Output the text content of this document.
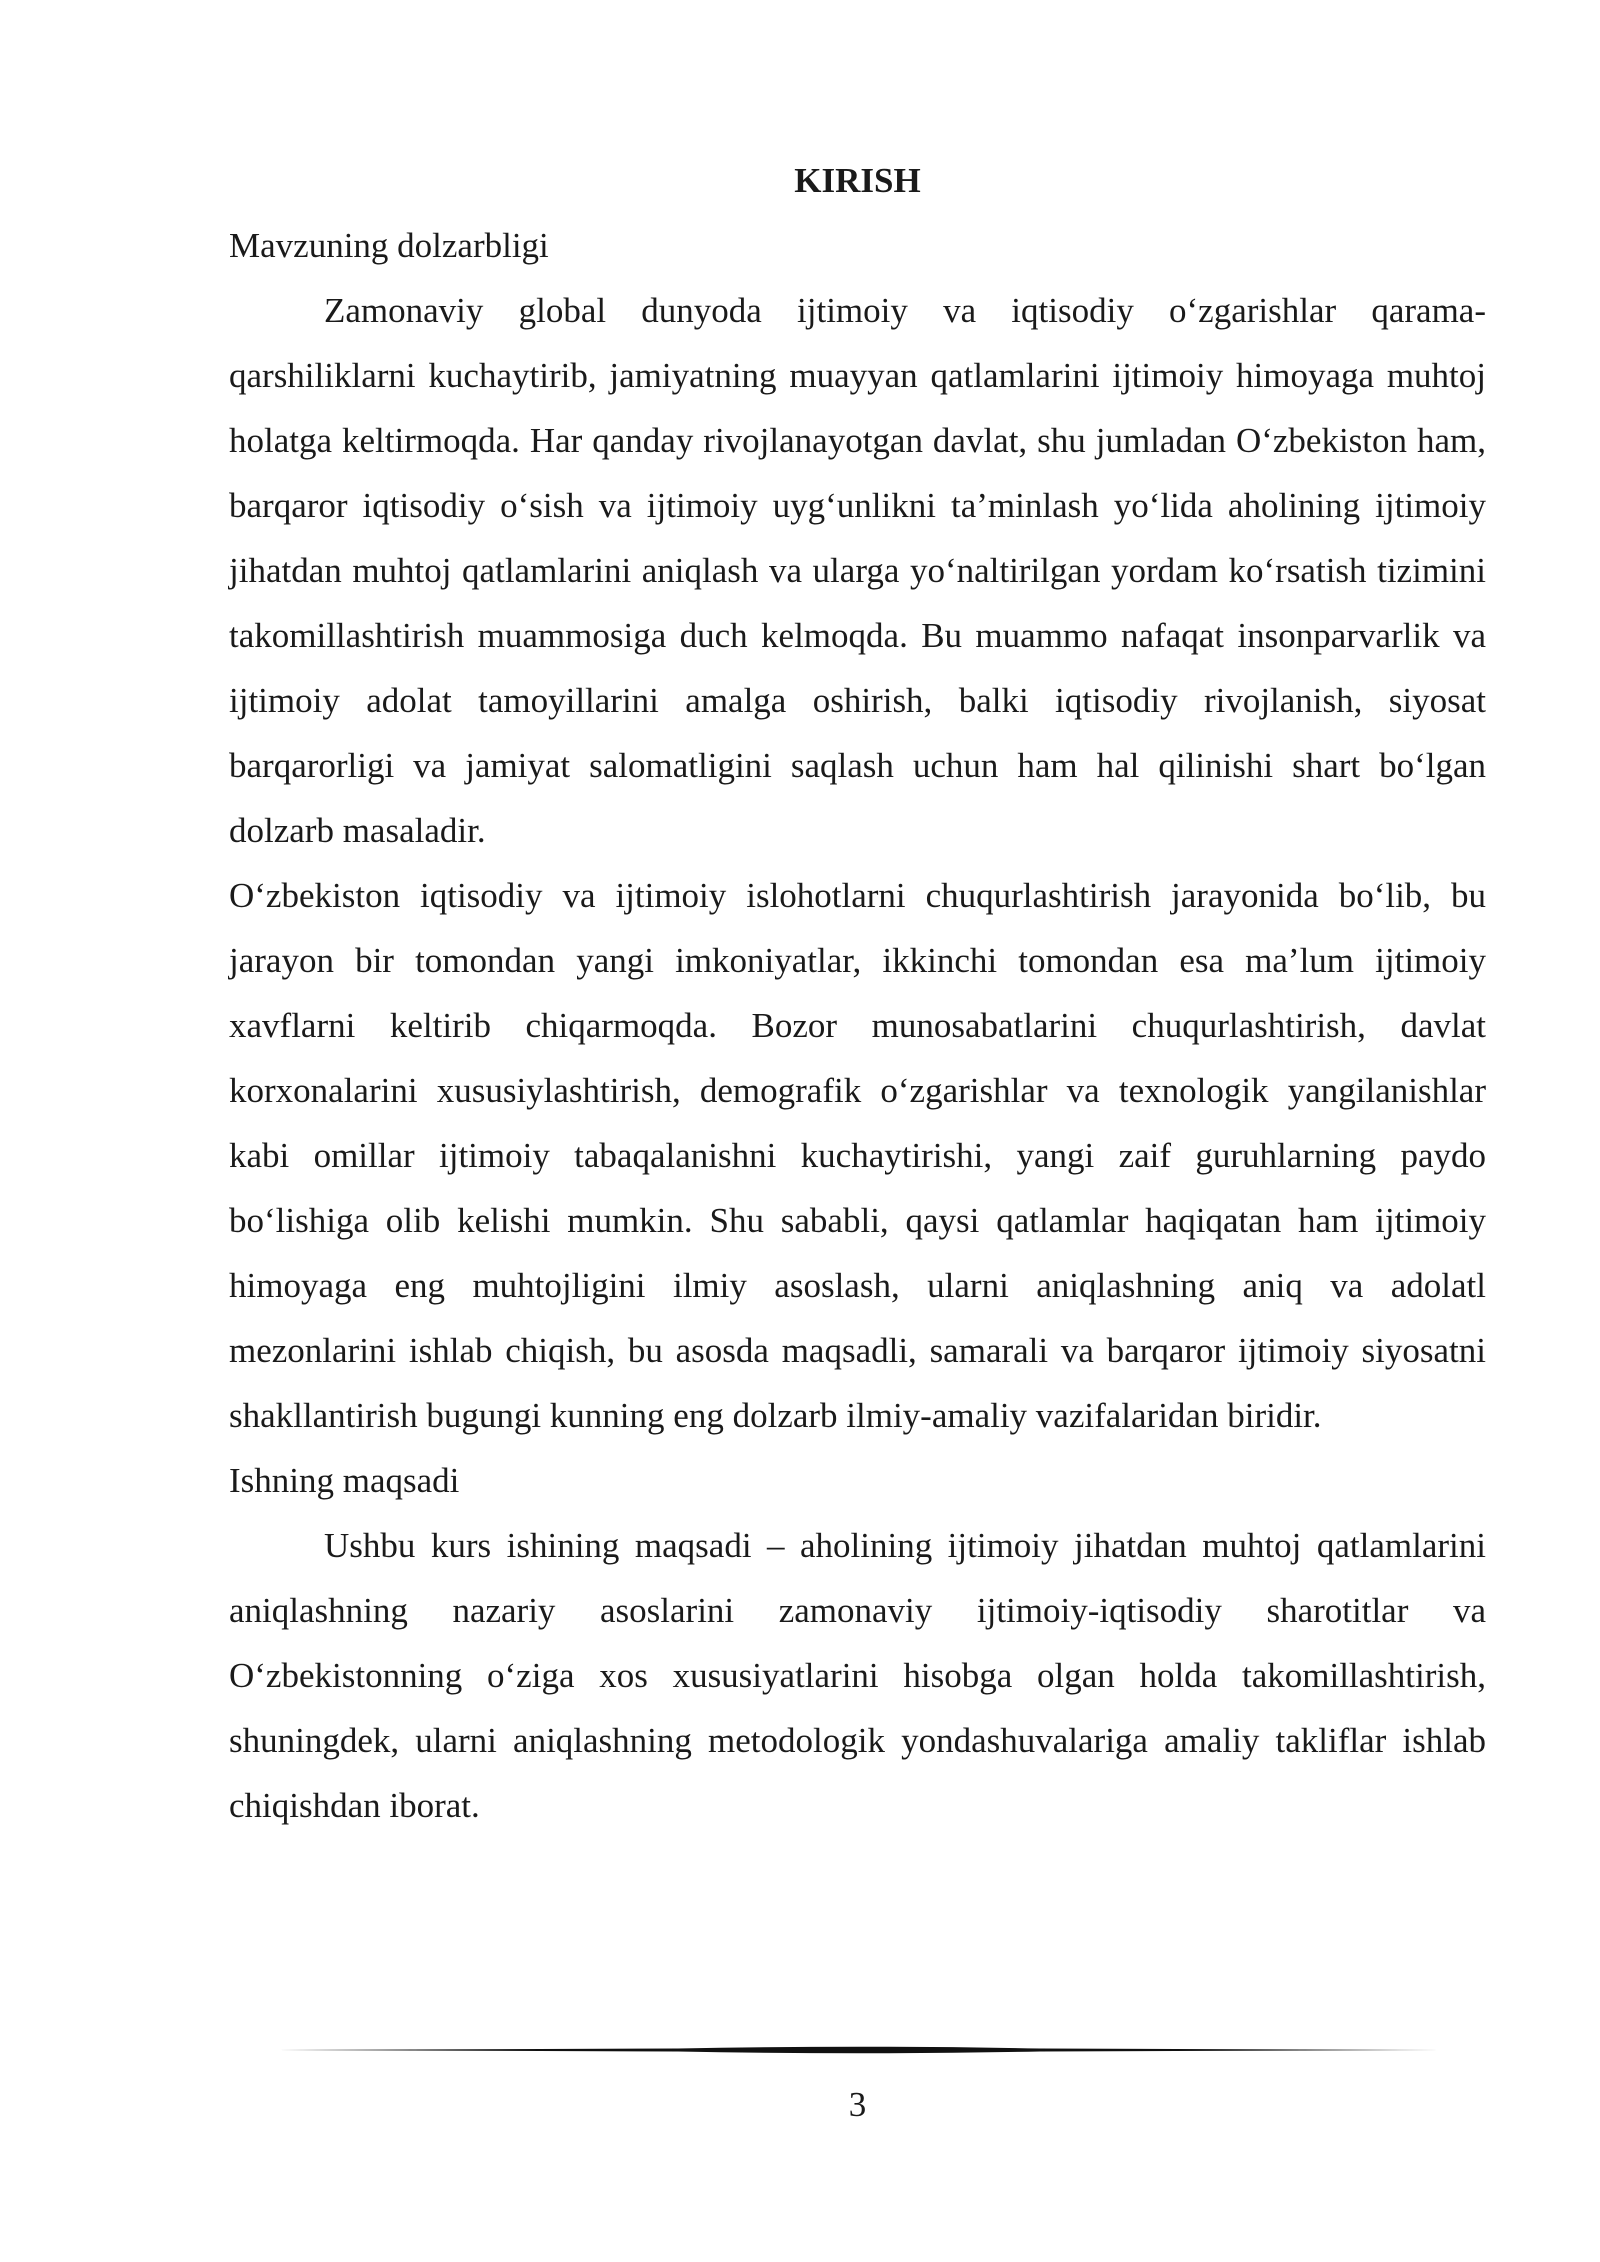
KIRISH

Mavzuning dolzarbligi

Zamonaviy global dunyoda ijtimoiy va iqtisodiy o‘zgarishlar qarama-qarshiliklarni kuchaytirib, jamiyatning muayyan qatlamlarini ijtimoiy himoyaga muhtoj holatga keltirmoqda. Har qanday rivojlanayotgan davlat, shu jumladan O‘zbekiston ham, barqaror iqtisodiy o‘sish va ijtimoiy uyg‘unlikni ta’minlash yo‘lida aholining ijtimoiy jihatdan muhtoj qatlamlarini aniqlash va ularga yo‘naltirilgan yordam ko‘rsatish tizimini takomillashtirish muammosiga duch kelmoqda. Bu muammo nafaqat insonparvarlik va ijtimoiy adolat tamoyillarini amalga oshirish, balki iqtisodiy rivojlanish, siyosat barqarorligi va jamiyat salomatligini saqlash uchun ham hal qilinishi shart bo‘lgan dolzarb masaladir.

O‘zbekiston iqtisodiy va ijtimoiy islohotlarni chuqurlashtirish jarayonida bo‘lib, bu jarayon bir tomondan yangi imkoniyatlar, ikkinchi tomondan esa ma’lum ijtimoiy xavflarni keltirib chiqarmoqda. Bozor munosabatlarini chuqurlashtirish, davlat korxonalarini xususiylashtirish, demografik o‘zgarishlar va texnologik yangilanishlar kabi omillar ijtimoiy tabaqalanishni kuchaytirishi, yangi zaif guruhlarning paydo bo‘lishiga olib kelishi mumkin. Shu sababli, qaysi qatlamlar haqiqatan ham ijtimoiy himoyaga eng muhtojligini ilmiy asoslash, ularni aniqlashning aniq va adolatl mezonlarini ishlab chiqish, bu asosda maqsadli, samarali va barqaror ijtimoiy siyosatni shakllantirish bugungi kunning eng dolzarb ilmiy-amaliy vazifalaridan biridir.

Ishning maqsadi

Ushbu kurs ishining maqsadi – aholining ijtimoiy jihatdan muhtoj qatlamlarini aniqlashning nazariy asoslarini zamonaviy ijtimoiy-iqtisodiy sharotitlar va O‘zbekistonning o‘ziga xos xususiyatlarini hisobga olgan holda takomillashtirish, shuningdek, ularni aniqlashning metodologik yondashuvalariga amaliy takliflar ishlab chiqishdan iborat.

3
